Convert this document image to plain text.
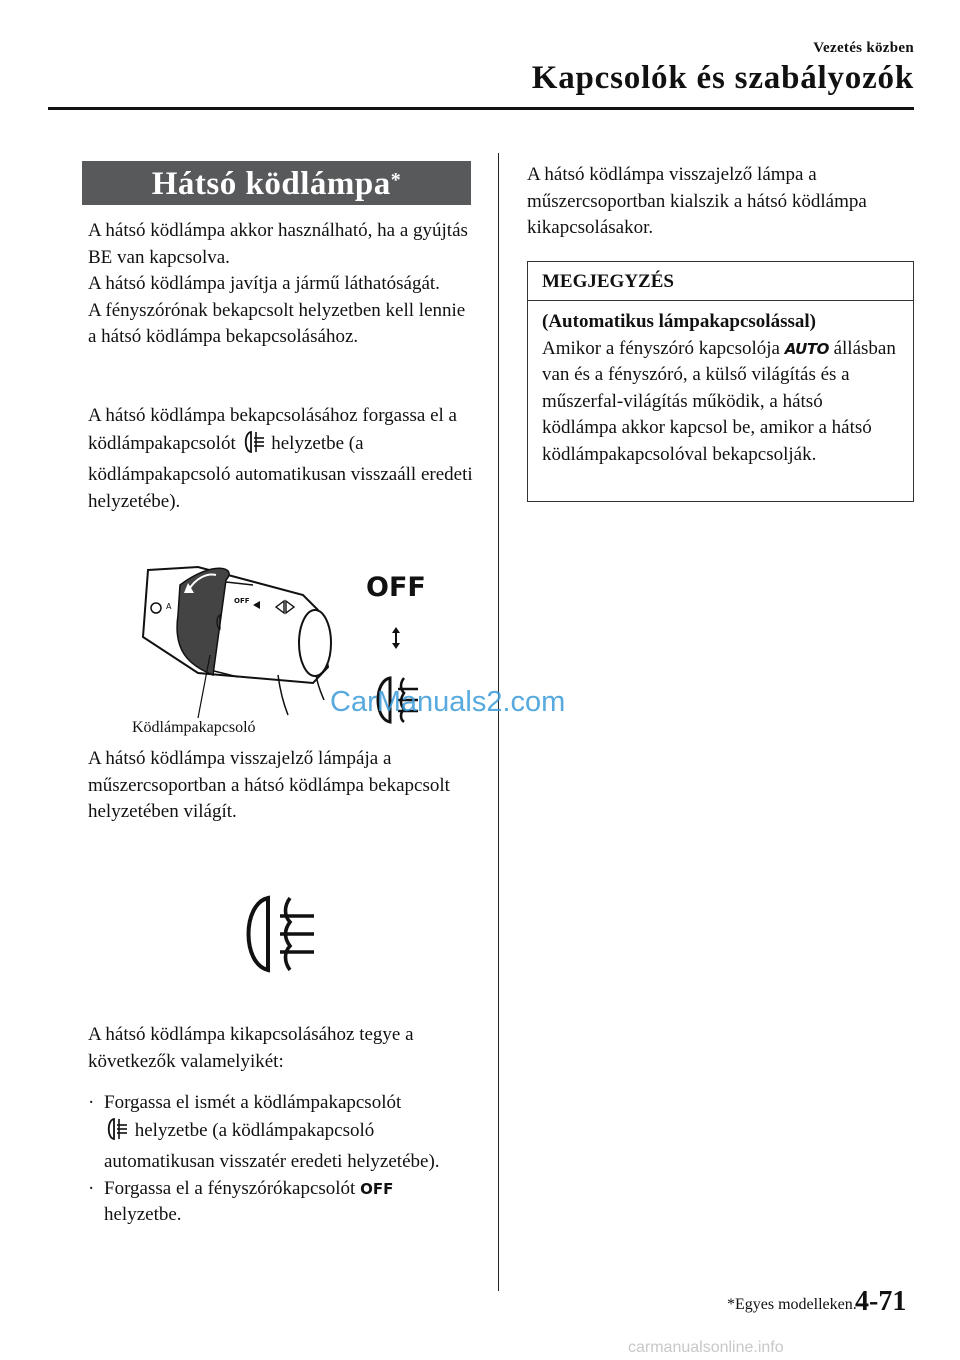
Vezetés közben
Kapcsolók és szabályozók
Hátsó ködlámpa*

A hátsó ködlámpa akkor használható, ha a gyújtás BE van kapcsolva.

A hátsó ködlámpa javítja a jármű láthatóságát.

A fényszórónak bekapcsolt helyzetben kell lennie a hátsó ködlámpa bekapcsolásához.

A hátsó ködlámpa bekapcsolásához forgassa el a ködlámpakapcsolót helyzetbe (a ködlámpakapcsoló automatikusan visszaáll eredeti helyzetébe).
A
OFF	OFF
Ködlámpakapcsoló
CarManuals2.com
A hátsó ködlámpa visszajelző lámpája a műszercsoportban a hátsó ködlámpa bekapcsolt helyzetében világít.
A hátsó ködlámpa kikapcsolásához tegye a következők valamelyikét:
· Forgassa el ismét a ködlámpakapcsolót
helyzetbe (a ködlámpakapcsoló automatikusan visszatér eredeti helyzetébe).
· Forgassa el a fényszórókapcsolót OFF
helyzetbe.
A hátsó ködlámpa visszajelző lámpa a műszercsoportban kialszik a hátsó ködlámpa kikapcsolásakor.
MEGJEGYZÉS
(Automatikus lámpakapcsolással)
Amikor a fényszóró kapcsolója AUTO állásban van és a fényszóró, a külső világítás és a műszerfal-világítás működik, a hátsó ködlámpa akkor kapcsol be, amikor a hátsó ködlámpakapcsolóval bekapcsolják.
*Egyes modelleken.
4-71
carmanualsonline.info
